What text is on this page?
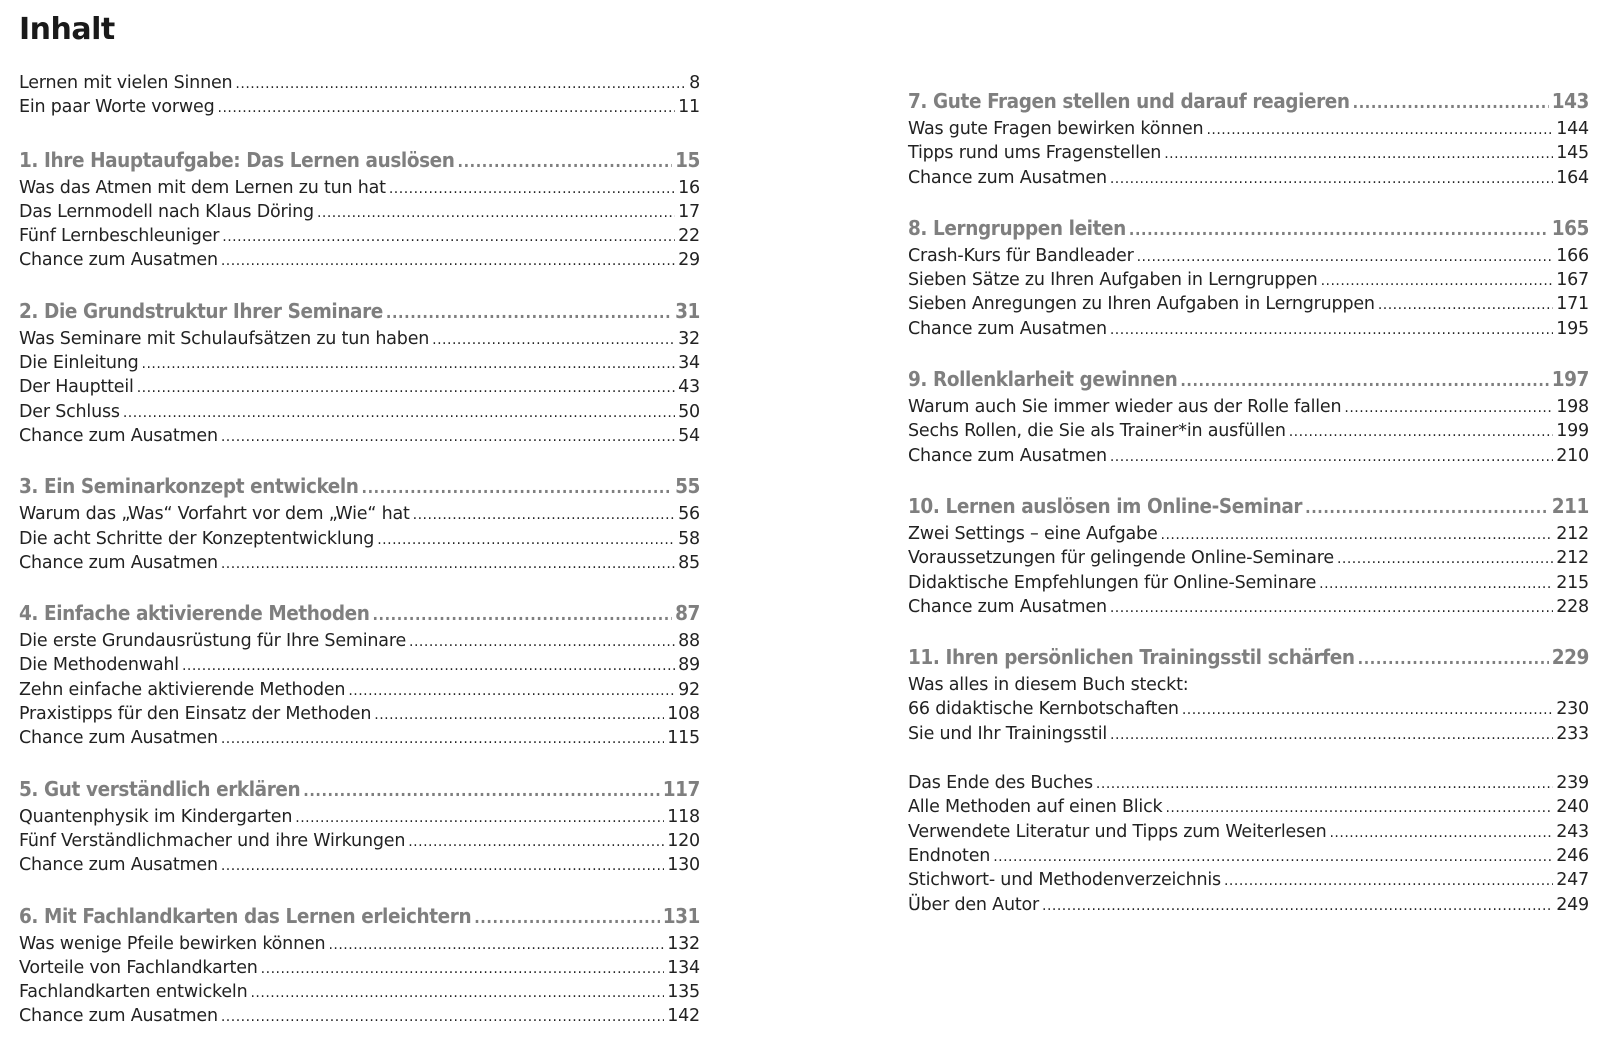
Inhalt
Lernen mit vielen Sinnen .....	8
Ein paar Worte vorweg .....	11
1. Ihre Hauptaufgabe: Das Lernen auslösen .....	15
Was das Atmen mit dem Lernen zu tun hat .....	16
Das Lernmodell nach Klaus Döring .....	17
Fünf Lernbeschleuniger .....	22
Chance zum Ausatmen .....	29
2. Die Grundstruktur Ihrer Seminare .....	31
Was Seminare mit Schulaufsätzen zu tun haben .....	32
Die Einleitung .....	34
Der Hauptteil .....	43
Der Schluss .....	50
Chance zum Ausatmen .....	54
3. Ein Seminarkonzept entwickeln .....	55
Warum das „Was“ Vorfahrt vor dem „Wie“ hat .....	56
Die acht Schritte der Konzeptentwicklung .....	58
Chance zum Ausatmen .....	85
4. Einfache aktivierende Methoden .....	87
Die erste Grundausrüstung für Ihre Seminare .....	88
Die Methodenwahl .....	89
Zehn einfache aktivierende Methoden .....	92
Praxistipps für den Einsatz der Methoden .....	108
Chance zum Ausatmen .....	115
5. Gut verständlich erklären .....	117
Quantenphysik im Kindergarten .....	118
Fünf Verständlichmacher und ihre Wirkungen .....	120
Chance zum Ausatmen .....	130
6. Mit Fachlandkarten das Lernen erleichtern .....	131
Was wenige Pfeile bewirken können .....	132
Vorteile von Fachlandkarten .....	134
Fachlandkarten entwickeln .....	135
Chance zum Ausatmen .....	142
7. Gute Fragen stellen und darauf reagieren .....	143
Was gute Fragen bewirken können .....	144
Tipps rund ums Fragenstellen .....	145
Chance zum Ausatmen .....	164
8. Lerngruppen leiten .....	165
Crash-Kurs für Bandleader .....	166
Sieben Sätze zu Ihren Aufgaben in Lerngruppen .....	167
Sieben Anregungen zu Ihren Aufgaben in Lerngruppen .....	171
Chance zum Ausatmen .....	195
9. Rollenklarheit gewinnen .....	197
Warum auch Sie immer wieder aus der Rolle fallen .....	198
Sechs Rollen, die Sie als Trainer*in ausfüllen .....	199
Chance zum Ausatmen .....	210
10. Lernen auslösen im Online-Seminar .....	211
Zwei Settings – eine Aufgabe .....	212
Voraussetzungen für gelingende Online-Seminare .....	212
Didaktische Empfehlungen für Online-Seminare .....	215
Chance zum Ausatmen .....	228
11. Ihren persönlichen Trainingsstil schärfen .....	229
Was alles in diesem Buch steckt:
66 didaktische Kernbotschaften .....	230
Sie und Ihr Trainingsstil .....	233
Das Ende des Buches .....	239
Alle Methoden auf einen Blick .....	240
Verwendete Literatur und Tipps zum Weiterlesen .....	243
Endnoten .....	246
Stichwort- und Methodenverzeichnis .....	247
Über den Autor .....	249
